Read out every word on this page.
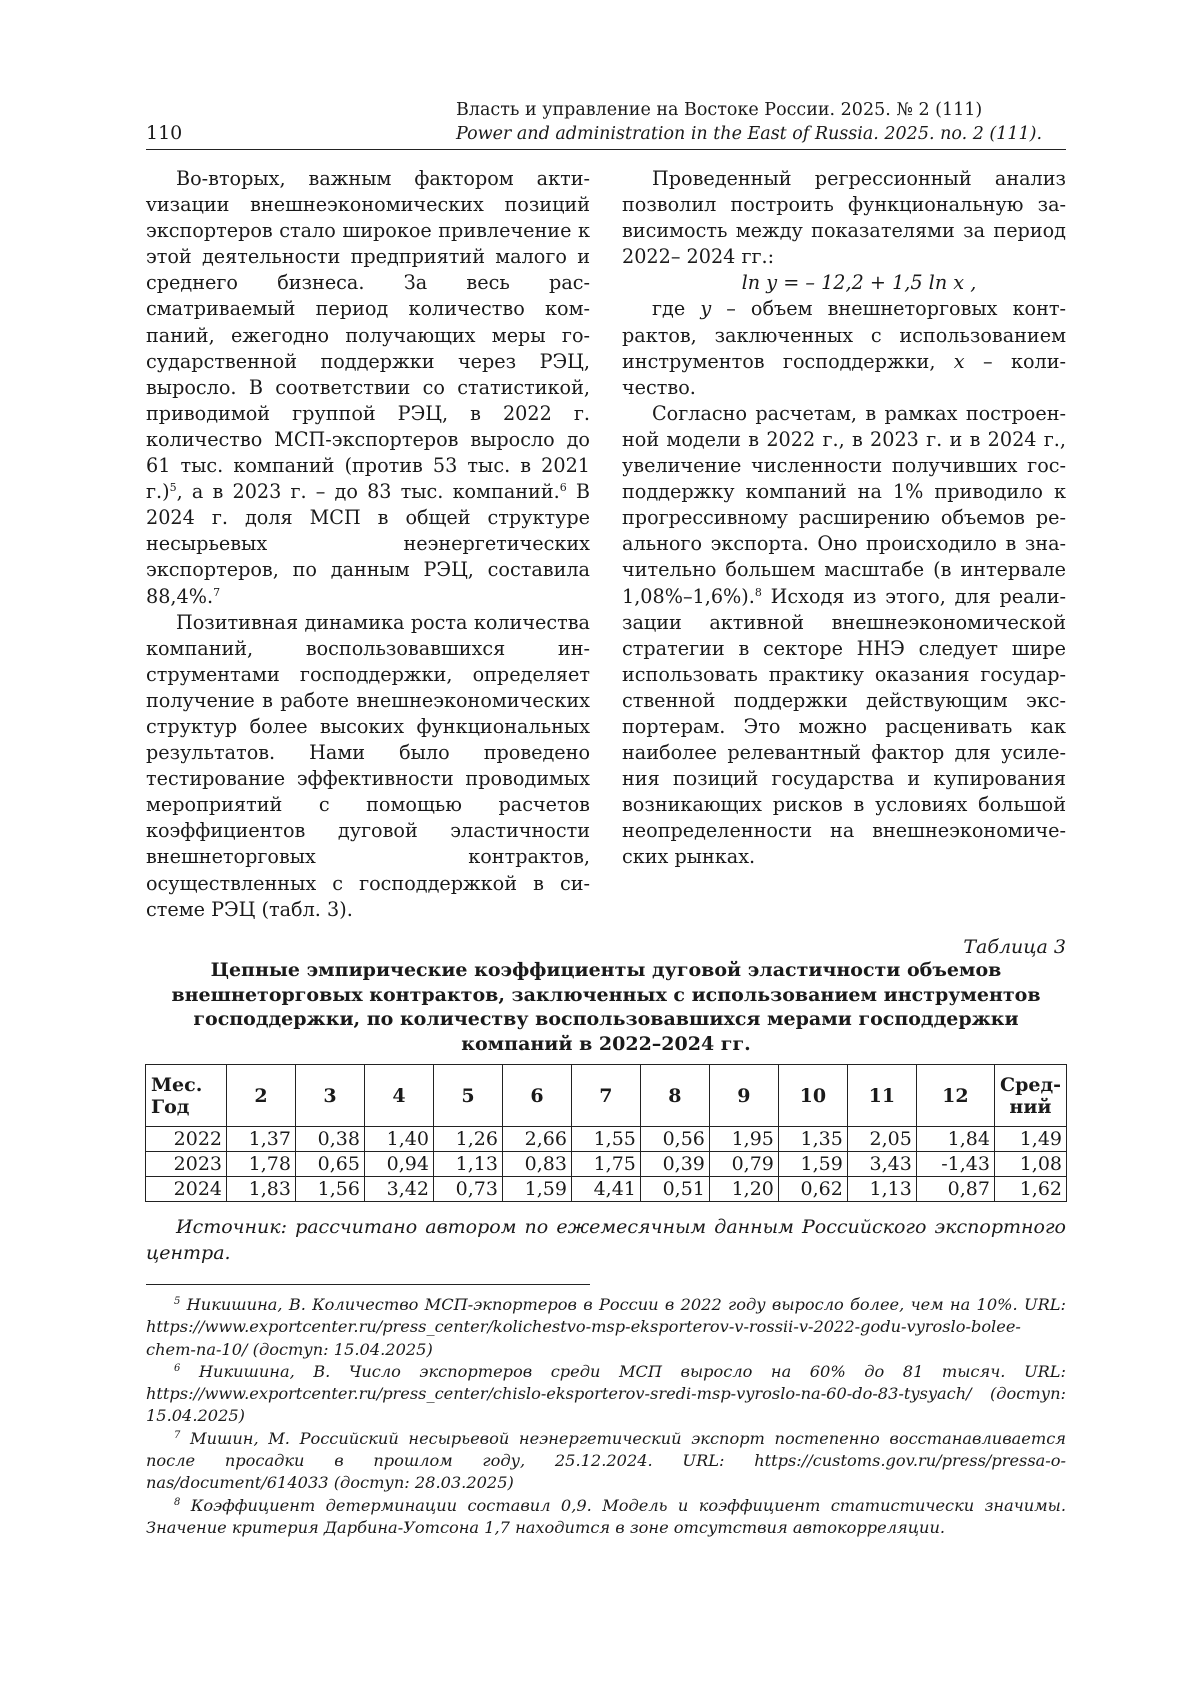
110
Власть и управление на Востоке России. 2025. № 2 (111)
Power and administration in the East of Russia. 2025. no. 2 (111).

Во-вторых, важным фактором актиvизации внешнеэкономических позиций экспортеров стало широкое привлечение к этой деятельности предприятий малого и среднего бизнеса. За весь рассматриваемый период количество компаний, ежегодно получающих меры государственной поддержки через РЭЦ, выросло. В соответствии со статистикой, приводимой группой РЭЦ, в 2022 г. количество МСП-экспортеров выросло до 61 тыс. компаний (против 53 тыс. в 2021 г.)$^5$, а в 2023 г. – до 83 тыс. компаний.$^6$ В 2024 г. доля МСП в общей структуре несырьевых неэнергетических экспортеров, по данным РЭЦ, составила 88,4%.$^7$

Позитивная динамика роста количества компаний, воспользовавшихся инструментами господдержки, определяет получение в работе внешнеэкономических структур более высоких функциональных результатов. Нами было проведено тестирование эффективности проводимых мероприятий с помощью расчетов коэффициентов дуговой эластичности внешнеторговых контрактов, осуществленных с господдержкой в системе РЭЦ (табл. 3).

Проведенный регрессионный анализ позволил построить функциональную зависимость между показателями за период 2022– 2024 гг.:

ln y = – 12,2 + 1,5 ln x ,

где y – объем внешнеторговых контрактов, заключенных с использованием инструментов господдержки, x – количество.

Согласно расчетам, в рамках построенной модели в 2022 г., в 2023 г. и в 2024 г., увеличение численности получивших господдержку компаний на 1% приводило к прогрессивному расширению объемов реального экспорта. Оно происходило в значительно большем масштабе (в интервале 1,08%–1,6%).$^8$ Исходя из этого, для реализации активной внешнеэкономической стратегии в секторе ННЭ следует шире использовать практику оказания государственной поддержки действующим экспортерам. Это можно расценивать как наиболее релевантный фактор для усиления позиций государства и купирования возникающих рисков в условиях большой неопределенности на внешнеэкономических рынках.

Таблица 3
Цепные эмпирические коэффициенты дуговой эластичности объемов внешнеторговых контрактов, заключенных с использованием инструментов господдержки, по количеству воспользовавшихся мерами господдержки компаний в 2022–2024 гг.
Мес.
Год	2	3	4	5	6	7	8	9	10	11	12	Сред-
ний
2022	1,37	0,38	1,40	1,26	2,66	1,55	0,56	1,95	1,35	2,05	1,84	1,49
2023	1,78	0,65	0,94	1,13	0,83	1,75	0,39	0,79	1,59	3,43	-1,43	1,08
2024	1,83	1,56	3,42	0,73	1,59	4,41	0,51	1,20	0,62	1,13	0,87	1,62
Источник: рассчитано автором по ежемесячным данным Российского экспортного центра.

$^5$ Никишина, В. Количество МСП-экпортеров в России в 2022 году выросло более, чем на 10%. URL: https://www.exportcenter.ru/press_center/kolichestvo-msp-eksporterov-v-rossii-v-2022-godu-vyroslo-bolee-chem-na-10/ (доступ: 15.04.2025)

$^6$ Никишина, В. Число экспортеров среди МСП выросло на 60% до 81 тысяч. URL: https://www.exportcenter.ru/press_center/chislo-eksporterov-sredi-msp-vyroslo-na-60-do-83-tysyach/ (доступ: 15.04.2025)

$^7$ Мишин, М. Российский несырьевой неэнергетический экспорт постепенно восстанавливается после просадки в прошлом году, 25.12.2024. URL: https://customs.gov.ru/press/pressa-o-nas/document/614033 (доступ: 28.03.2025)

$^8$ Коэффициент детерминации составил 0,9. Модель и коэффициент статистически значимы. Значение критерия Дарбина-Уотсона 1,7 находится в зоне отсутствия автокорреляции.
